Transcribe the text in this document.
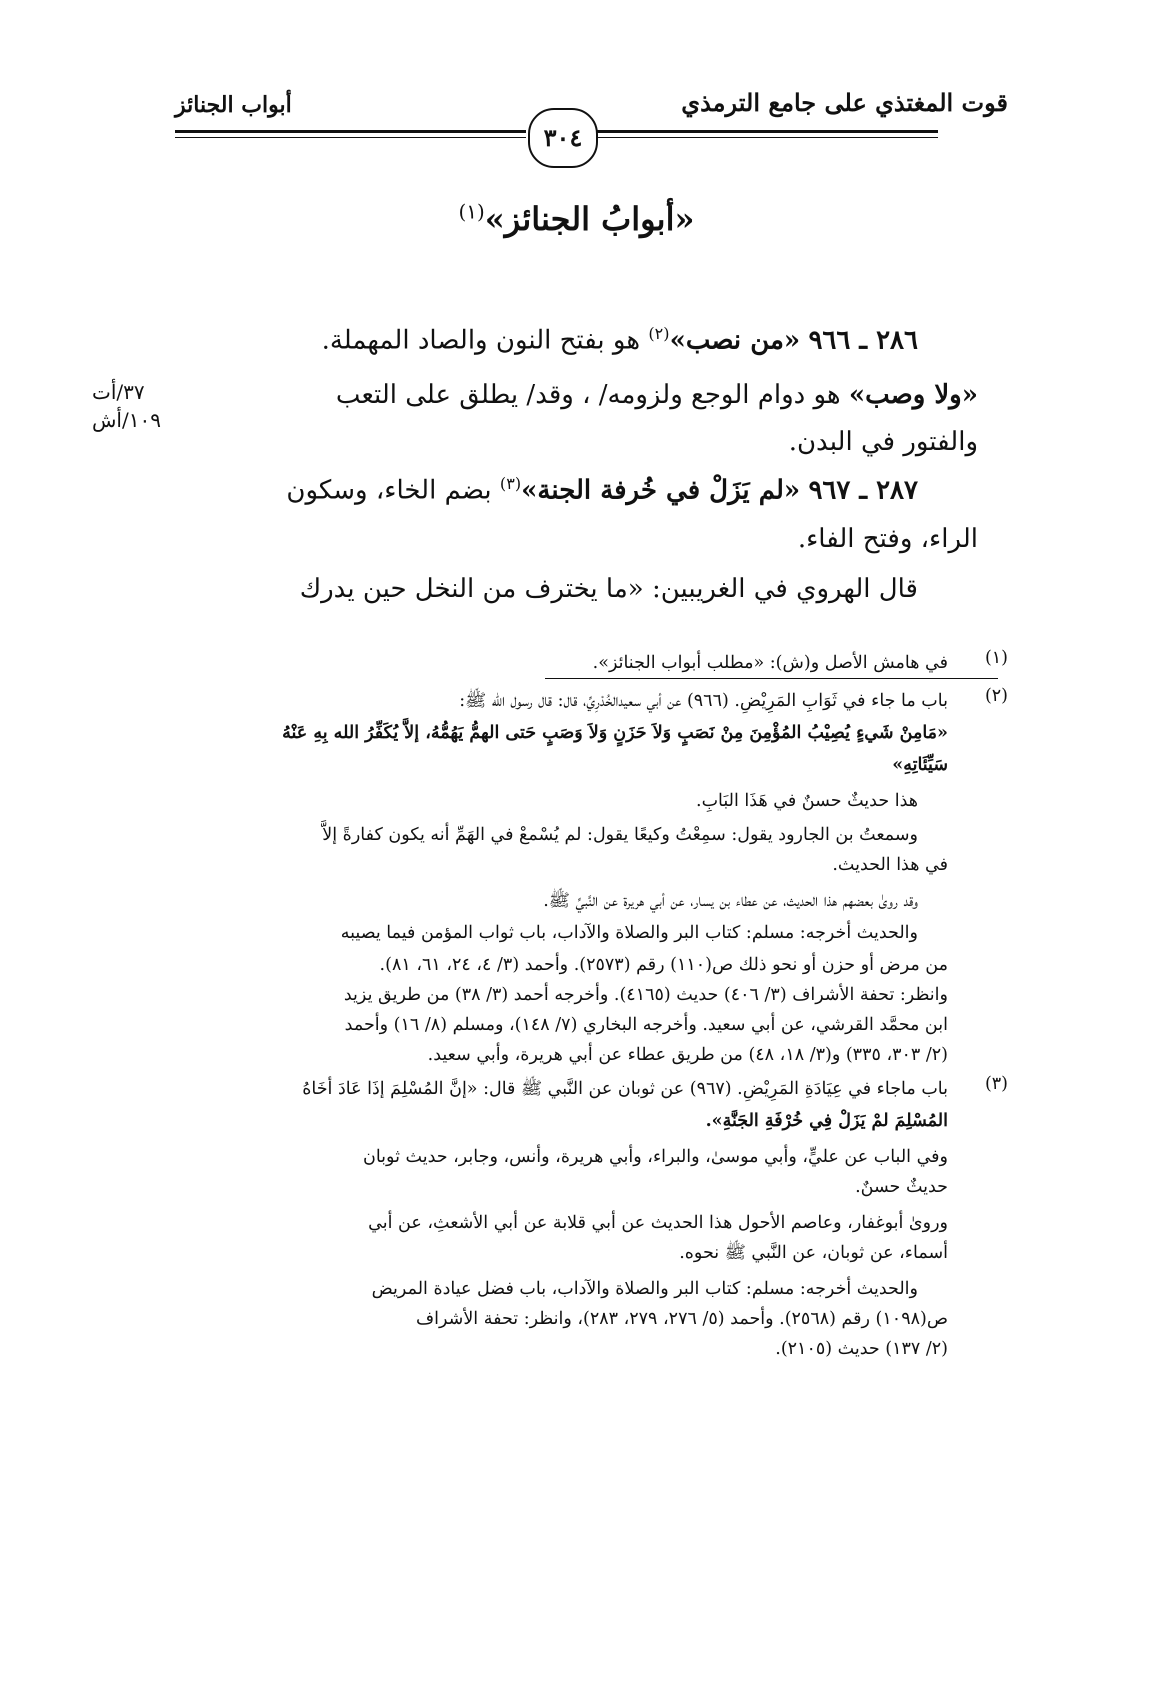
قوت المغتذي على جامع الترمذي
أبواب الجنائز
٣٠٤
«أبوابُ الجنائز»$^{(١)}$
٢٨٦ ـ ٩٦٦ «من نصب»$^{(٢)}$ هو بفتح النون والصاد المهملة.
«ولا وصب» هو دوام الوجع ولزومه/ ، وقد/ يطلق على التعب
٣٧/أت
١٠٩/أش
والفتور في البدن.
٢٨٧ ـ ٩٦٧ «لم يَزَلْ في خُرفة الجنة»$^{(٣)}$ بضم الخاء، وسكون
الراء، وفتح الفاء.
قال الهروي في الغريبين: «ما يخترف من النخل حين يدرك
(١)
في هامش الأصل و(ش): «مطلب أبواب الجنائز».
(٢)
باب ما جاء في ثَوَابِ المَرِيْضِ. (٩٦٦) عن أبي سعيدالخُدْرِيِّ، قال: قال رسول الله ﷺ:
«مَامِنْ شَيءٍ يُصِيْبُ المُؤْمِنَ مِنْ نَصَبٍ وَلاَ حَزَنٍ وَلاَ وَصَبٍ حَتى الهمُّ يَهُمُّهُ، إلاَّ يُكَفِّرُ الله بِهِ عَنْهُ
سَيِّئَاتِهِ»
هذا حديثٌ حسنٌ في هَذَا البَابِ.
وسمعتُ بن الجارود يقول: سمِعْتُ وكيعًا يقول: لم يُسْمعْ في الهَمِّ أنه يكون كفارةً إلاَّ
في هذا الحديث.
وقد روىٰ بعضهم هذا الحديث، عن عطاء بن يسار، عن أبي هريرة عن النَّبيِّ ﷺ.
والحديث أخرجه: مسلم: كتاب البر والصلاة والآداب، باب ثواب المؤمن فيما يصيبه
من مرض أو حزن أو نحو ذلك ص(١١٠) رقم (٢٥٧٣). وأحمد (٣/ ٤، ٢٤، ٦١، ٨١).
وانظر: تحفة الأشراف (٣/ ٤٠٦) حديث (٤١٦٥). وأخرجه أحمد (٣/ ٣٨) من طريق يزيد
ابن محمَّد القرشي، عن أبي سعيد. وأخرجه البخاري (٧/ ١٤٨)، ومسلم (٨/ ١٦) وأحمد
(٢/ ٣٠٣، ٣٣٥) و(٣/ ١٨، ٤٨) من طريق عطاء عن أبي هريرة، وأبي سعيد.
(٣)
باب ماجاء في عِيَادَةِ المَرِيْضِ. (٩٦٧) عن ثوبان عن النَّبي ﷺ قال: «إنَّ المُسْلِمَ إذَا عَادَ أخَاهُ
المُسْلِمَ لمْ يَزَلْ فِي خُرْفَةِ الجَنَّةِ».
وفي الباب عن عليٍّ، وأبي موسىٰ، والبراء، وأبي هريرة، وأنس، وجابر، حديث ثوبان
حديثٌ حسنٌ.
وروىٰ أبوغفار، وعاصم الأحول هذا الحديث عن أبي قلابة عن أبي الأشعثِ، عن أبي
أسماء، عن ثوبان، عن النَّبي ﷺ نحوه.
والحديث أخرجه: مسلم: كتاب البر والصلاة والآداب، باب فضل عيادة المريض
ص(١٠٩٨) رقم (٢٥٦٨). وأحمد (٥/ ٢٧٦، ٢٧٩، ٢٨٣)، وانظر: تحفة الأشراف
(٢/ ١٣٧) حديث (٢١٠٥).
